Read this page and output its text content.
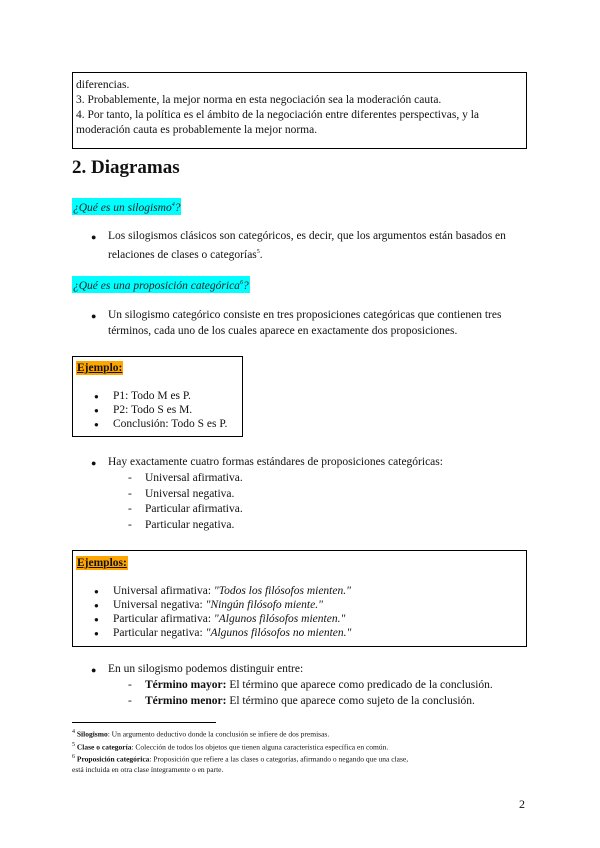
diferencias.
3. Probablemente, la mejor norma en esta negociación sea la moderación cauta.
4. Por tanto, la política es el ámbito de la negociación entre diferentes perspectivas, y la
moderación cauta es probablemente la mejor norma.
2. Diagramas
¿Qué es un silogismo$^4$?
● Los silogismos clásicos son categóricos, es decir, que los argumentos están basados en
relaciones de clases o categorías$^5$.
¿Qué es una proposición categórica$^6$?
● Un silogismo categórico consiste en tres proposiciones categóricas que contienen tres
términos, cada uno de los cuales aparece en exactamente dos proposiciones.
Ejemplo:
● P1: Todo M es P.
● P2: Todo S es M.
● Conclusión: Todo S es P.
● Hay exactamente cuatro formas estándares de proposiciones categóricas:
- Universal afirmativa.
- Universal negativa.
- Particular afirmativa.
- Particular negativa.
Ejemplos:
● Universal afirmativa: "Todos los filósofos mienten."
● Universal negativa: "Ningún filósofo miente."
● Particular afirmativa: "Algunos filósofos mienten."
● Particular negativa: "Algunos filósofos no mienten."
● En un silogismo podemos distinguir entre:
- Término mayor: El término que aparece como predicado de la conclusión.
- Término menor: El término que aparece como sujeto de la conclusión.
$^4$ Silogismo: Un argumento deductivo donde la conclusión se infiere de dos premisas.
$^5$ Clase o categoría: Colección de todos los objetos que tienen alguna característica específica en común.
$^6$ Proposición categórica: Proposición que refiere a las clases o categorías, afirmando o negando que una clase,
está incluida en otra clase íntegramente o en parte.
2
